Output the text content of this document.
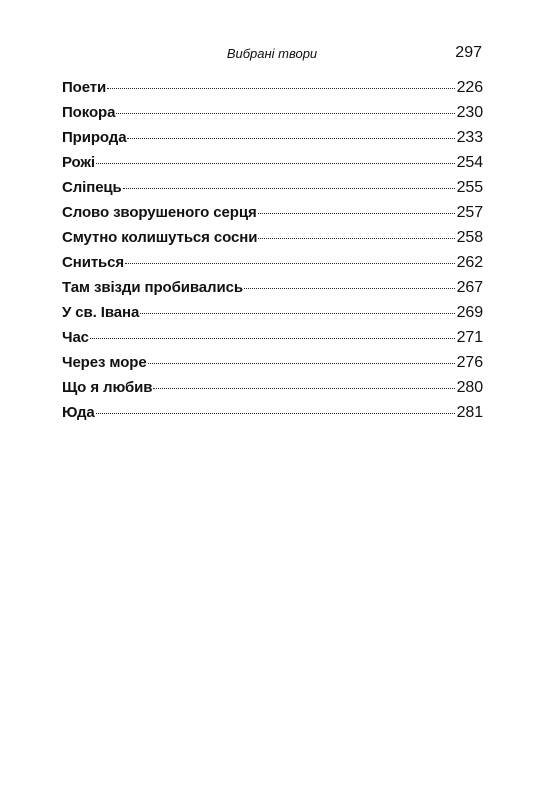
Вибрані твори	297
Поети	226
Покора	230
Природа	233
Рожі	254
Сліпець	255
Слово зворушеного серця	257
Смутно колишуться сосни	258
Сниться	262
Там звізди пробивались	267
У св. Івана	269
Час	271
Через море	276
Що я любив	280
Юда	281
